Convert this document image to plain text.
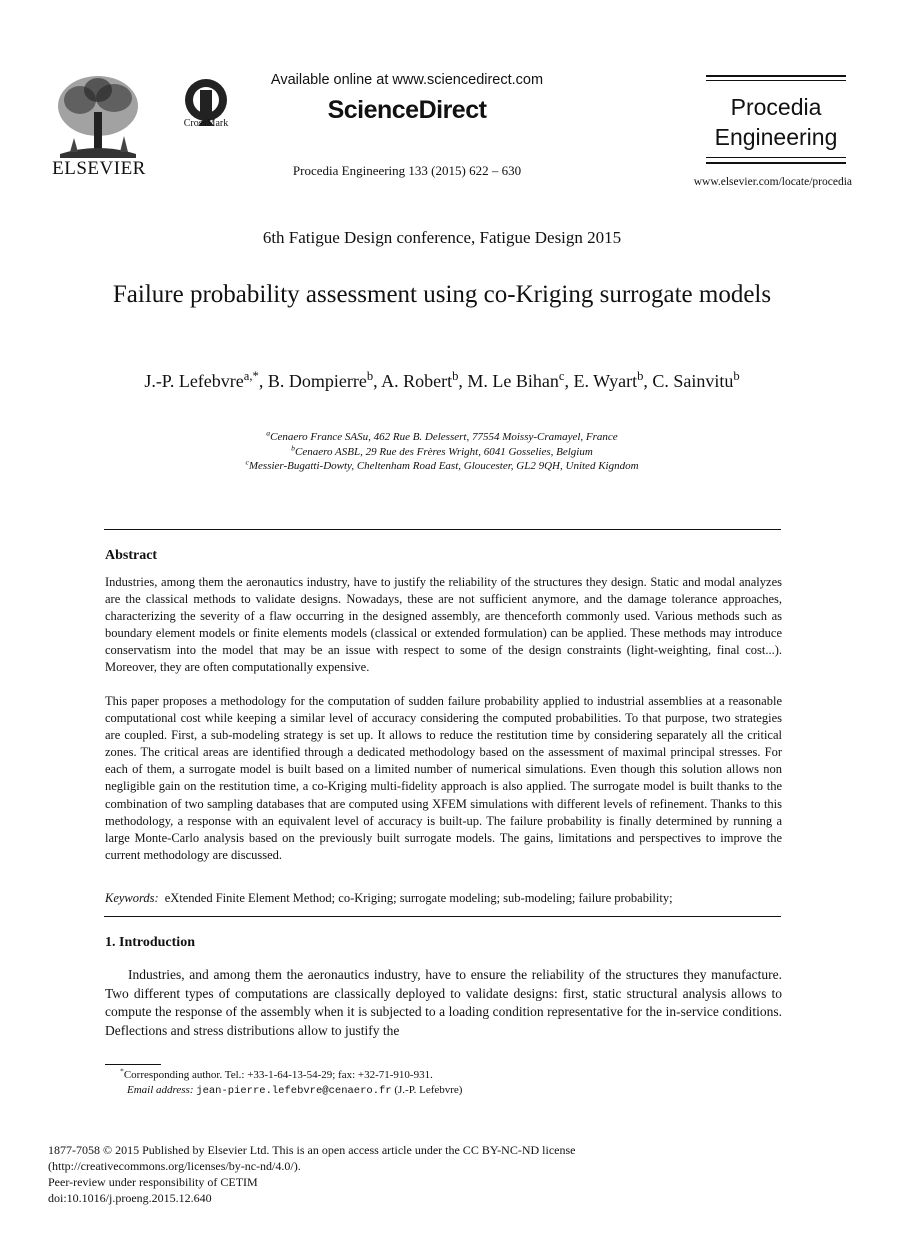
ELSEVIER
CrossMark
Available online at www.sciencedirect.com
ScienceDirect
Procedia Engineering 133 (2015) 622 – 630
Procedia
Engineering
www.elsevier.com/locate/procedia
6th Fatigue Design conference, Fatigue Design 2015
Failure probability assessment using co-Kriging surrogate models
J.-P. Lefebvre$^{a,*}$, B. Dompierre$^b$, A. Robert$^b$, M. Le Bihan$^c$, E. Wyart$^b$, C. Sainvitu$^b$
$^a$Cenaero France SASu, 462 Rue B. Delessert, 77554 Moissy-Cramayel, France
$^b$Cenaero ASBL, 29 Rue des Frères Wright, 6041 Gosselies, Belgium
$^c$Messier-Bugatti-Dowty, Cheltenham Road East, Gloucester, GL2 9QH, United Kigndom
Abstract
Industries, among them the aeronautics industry, have to justify the reliability of the structures they design. Static and modal analyzes are the classical methods to validate designs. Nowadays, these are not sufficient anymore, and the damage tolerance approaches, characterizing the severity of a flaw occurring in the designed assembly, are thenceforth commonly used. Various methods such as boundary element models or finite elements models (classical or extended formulation) can be applied. These methods may introduce conservatism into the model that may be an issue with respect to some of the design constraints (light-weighting, final cost...). Moreover, they are often computationally expensive.
This paper proposes a methodology for the computation of sudden failure probability applied to industrial assemblies at a reasonable computational cost while keeping a similar level of accuracy considering the computed probabilities. To that purpose, two strategies are coupled. First, a sub-modeling strategy is set up. It allows to reduce the restitution time by considering separately all the critical zones. The critical areas are identified through a dedicated methodology based on the assessment of maximal principal stresses. For each of them, a surrogate model is built based on a limited number of numerical simulations. Even though this solution allows non negligible gain on the restitution time, a co-Kriging multi-fidelity approach is also applied. The surrogate model is built thanks to the combination of two sampling databases that are computed using XFEM simulations with different levels of refinement. Thanks to this methodology, a response with an equivalent level of accuracy is built-up. The failure probability is finally determined by running a large Monte-Carlo analysis based on the previously built surrogate models. The gains, limitations and perspectives to improve the current methodology are discussed.
Keywords: eXtended Finite Element Method; co-Kriging; surrogate modeling; sub-modeling; failure probability;
1. Introduction
Industries, and among them the aeronautics industry, have to ensure the reliability of the structures they manufacture. Two different types of computations are classically deployed to validate designs: first, static structural analysis allows to compute the response of the assembly when it is subjected to a loading condition representative for the in-service conditions. Deflections and stress distributions allow to justify the
*Corresponding author. Tel.: +33-1-64-13-54-29; fax: +32-71-910-931.
Email address: jean-pierre.lefebvre@cenaero.fr (J.-P. Lefebvre)
1877-7058 © 2015 Published by Elsevier Ltd. This is an open access article under the CC BY-NC-ND license
(http://creativecommons.org/licenses/by-nc-nd/4.0/).
Peer-review under responsibility of CETIM
doi:10.1016/j.proeng.2015.12.640
